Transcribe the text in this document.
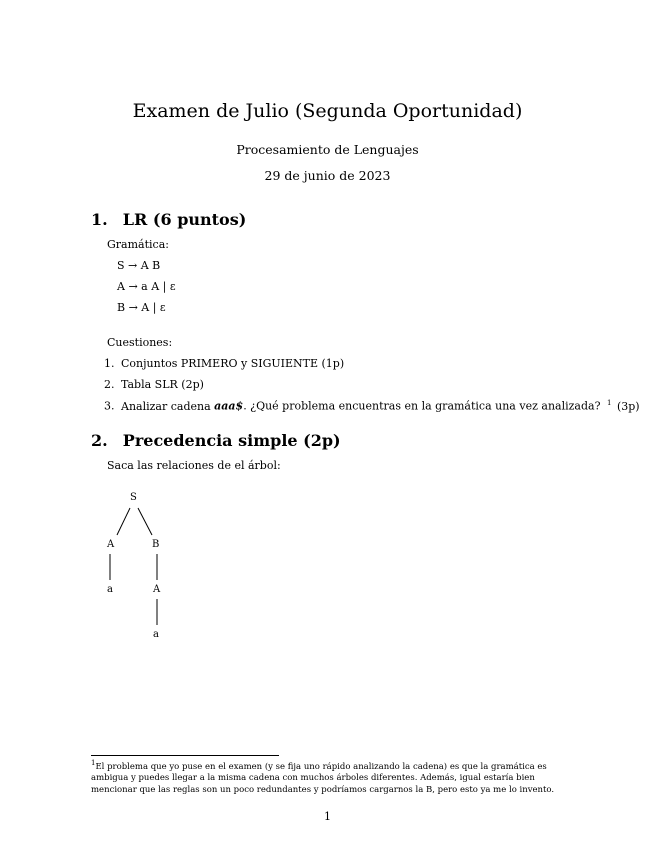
Examen de Julio (Segunda Oportunidad)
Procesamiento de Lenguajes
29 de junio de 2023
1. LR (6 puntos)
Gramática:
S → A B
A → a A | ε
B → A | ε
Cuestiones:
1. Conjuntos PRIMERO y SIGUIENTE (1p)
2. Tabla SLR (2p)
3. Analizar cadena aaa$. ¿Qué problema encuentras en la gramática una vez analizada? $^1$ (3p)
2. Precedencia simple (2p)
Saca las relaciones de el árbol:
S
A	B
a	A
a
$^1$El problema que yo puse en el examen (y se fija uno rápido analizando la cadena) es que la gramática es ambigua y puedes llegar a la misma cadena con muchos árboles diferentes. Además, igual estaría bien mencionar que las reglas son un poco redundantes y podríamos cargarnos la B, pero esto ya me lo invento.
1
